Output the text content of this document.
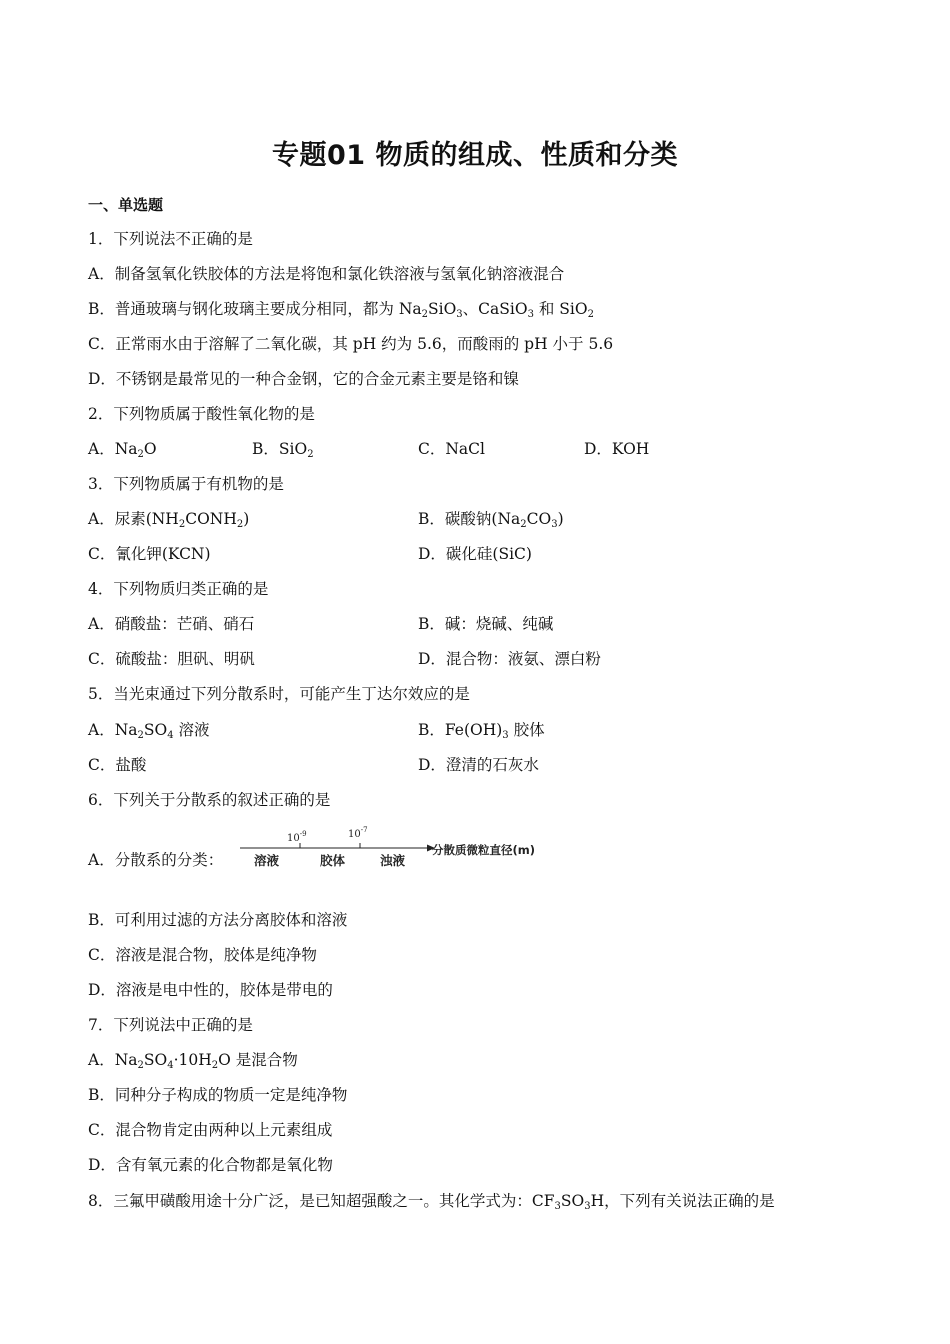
专题01 物质的组成、性质和分类
一、单选题
1．下列说法不正确的是
A．制备氢氧化铁胶体的方法是将饱和氯化铁溶液与氢氧化钠溶液混合
B．普通玻璃与钢化玻璃主要成分相同，都为 $Na_2SiO_3$、CaSiO$_3$ 和 SiO$_2$
C．正常雨水由于溶解了二氧化碳，其 pH 约为 5.6，而酸雨的 pH 小于 5.6
D．不锈钢是最常见的一种合金钢，它的合金元素主要是铬和镍
2．下列物质属于酸性氧化物的是
A．$Na_2O$	B．SiO$_2$	C．NaCl	D．KOH
3．下列物质属于有机物的是
A．尿素$(NH_2CONH_2)$	B．碳酸钠$(Na_2CO_3)$
C．氰化钾(KCN)	D．碳化硅(SiC)
4．下列物质归类正确的是
A．硝酸盐：芒硝、硝石	B．碱：烧碱、纯碱
C．硫酸盐：胆矾、明矾	D．混合物：液氨、漂白粉
5．当光束通过下列分散系时，可能产生丁达尔效应的是
A．$Na_2SO_4$ 溶液	B．$Fe(OH)_3$ 胶体
C．盐酸	D．澄清的石灰水
6．下列关于分散系的叙述正确的是
A．分散系的分类：
$10^{-9}$	$10^{-7}$
溶液	胶体	浊液
分散质微粒直径(m)
B．可利用过滤的方法分离胶体和溶液
C．溶液是混合物，胶体是纯净物
D．溶液是电中性的，胶体是带电的
7．下列说法中正确的是
A．$Na_2SO_4\cdot 10H_2O$ 是混合物
B．同种分子构成的物质一定是纯净物
C．混合物肯定由两种以上元素组成
D．含有氧元素的化合物都是氧化物
8．三氟甲磺酸用途十分广泛，是已知超强酸之一。其化学式为：$CF_3SO_3H$，下列有关说法正确的是
